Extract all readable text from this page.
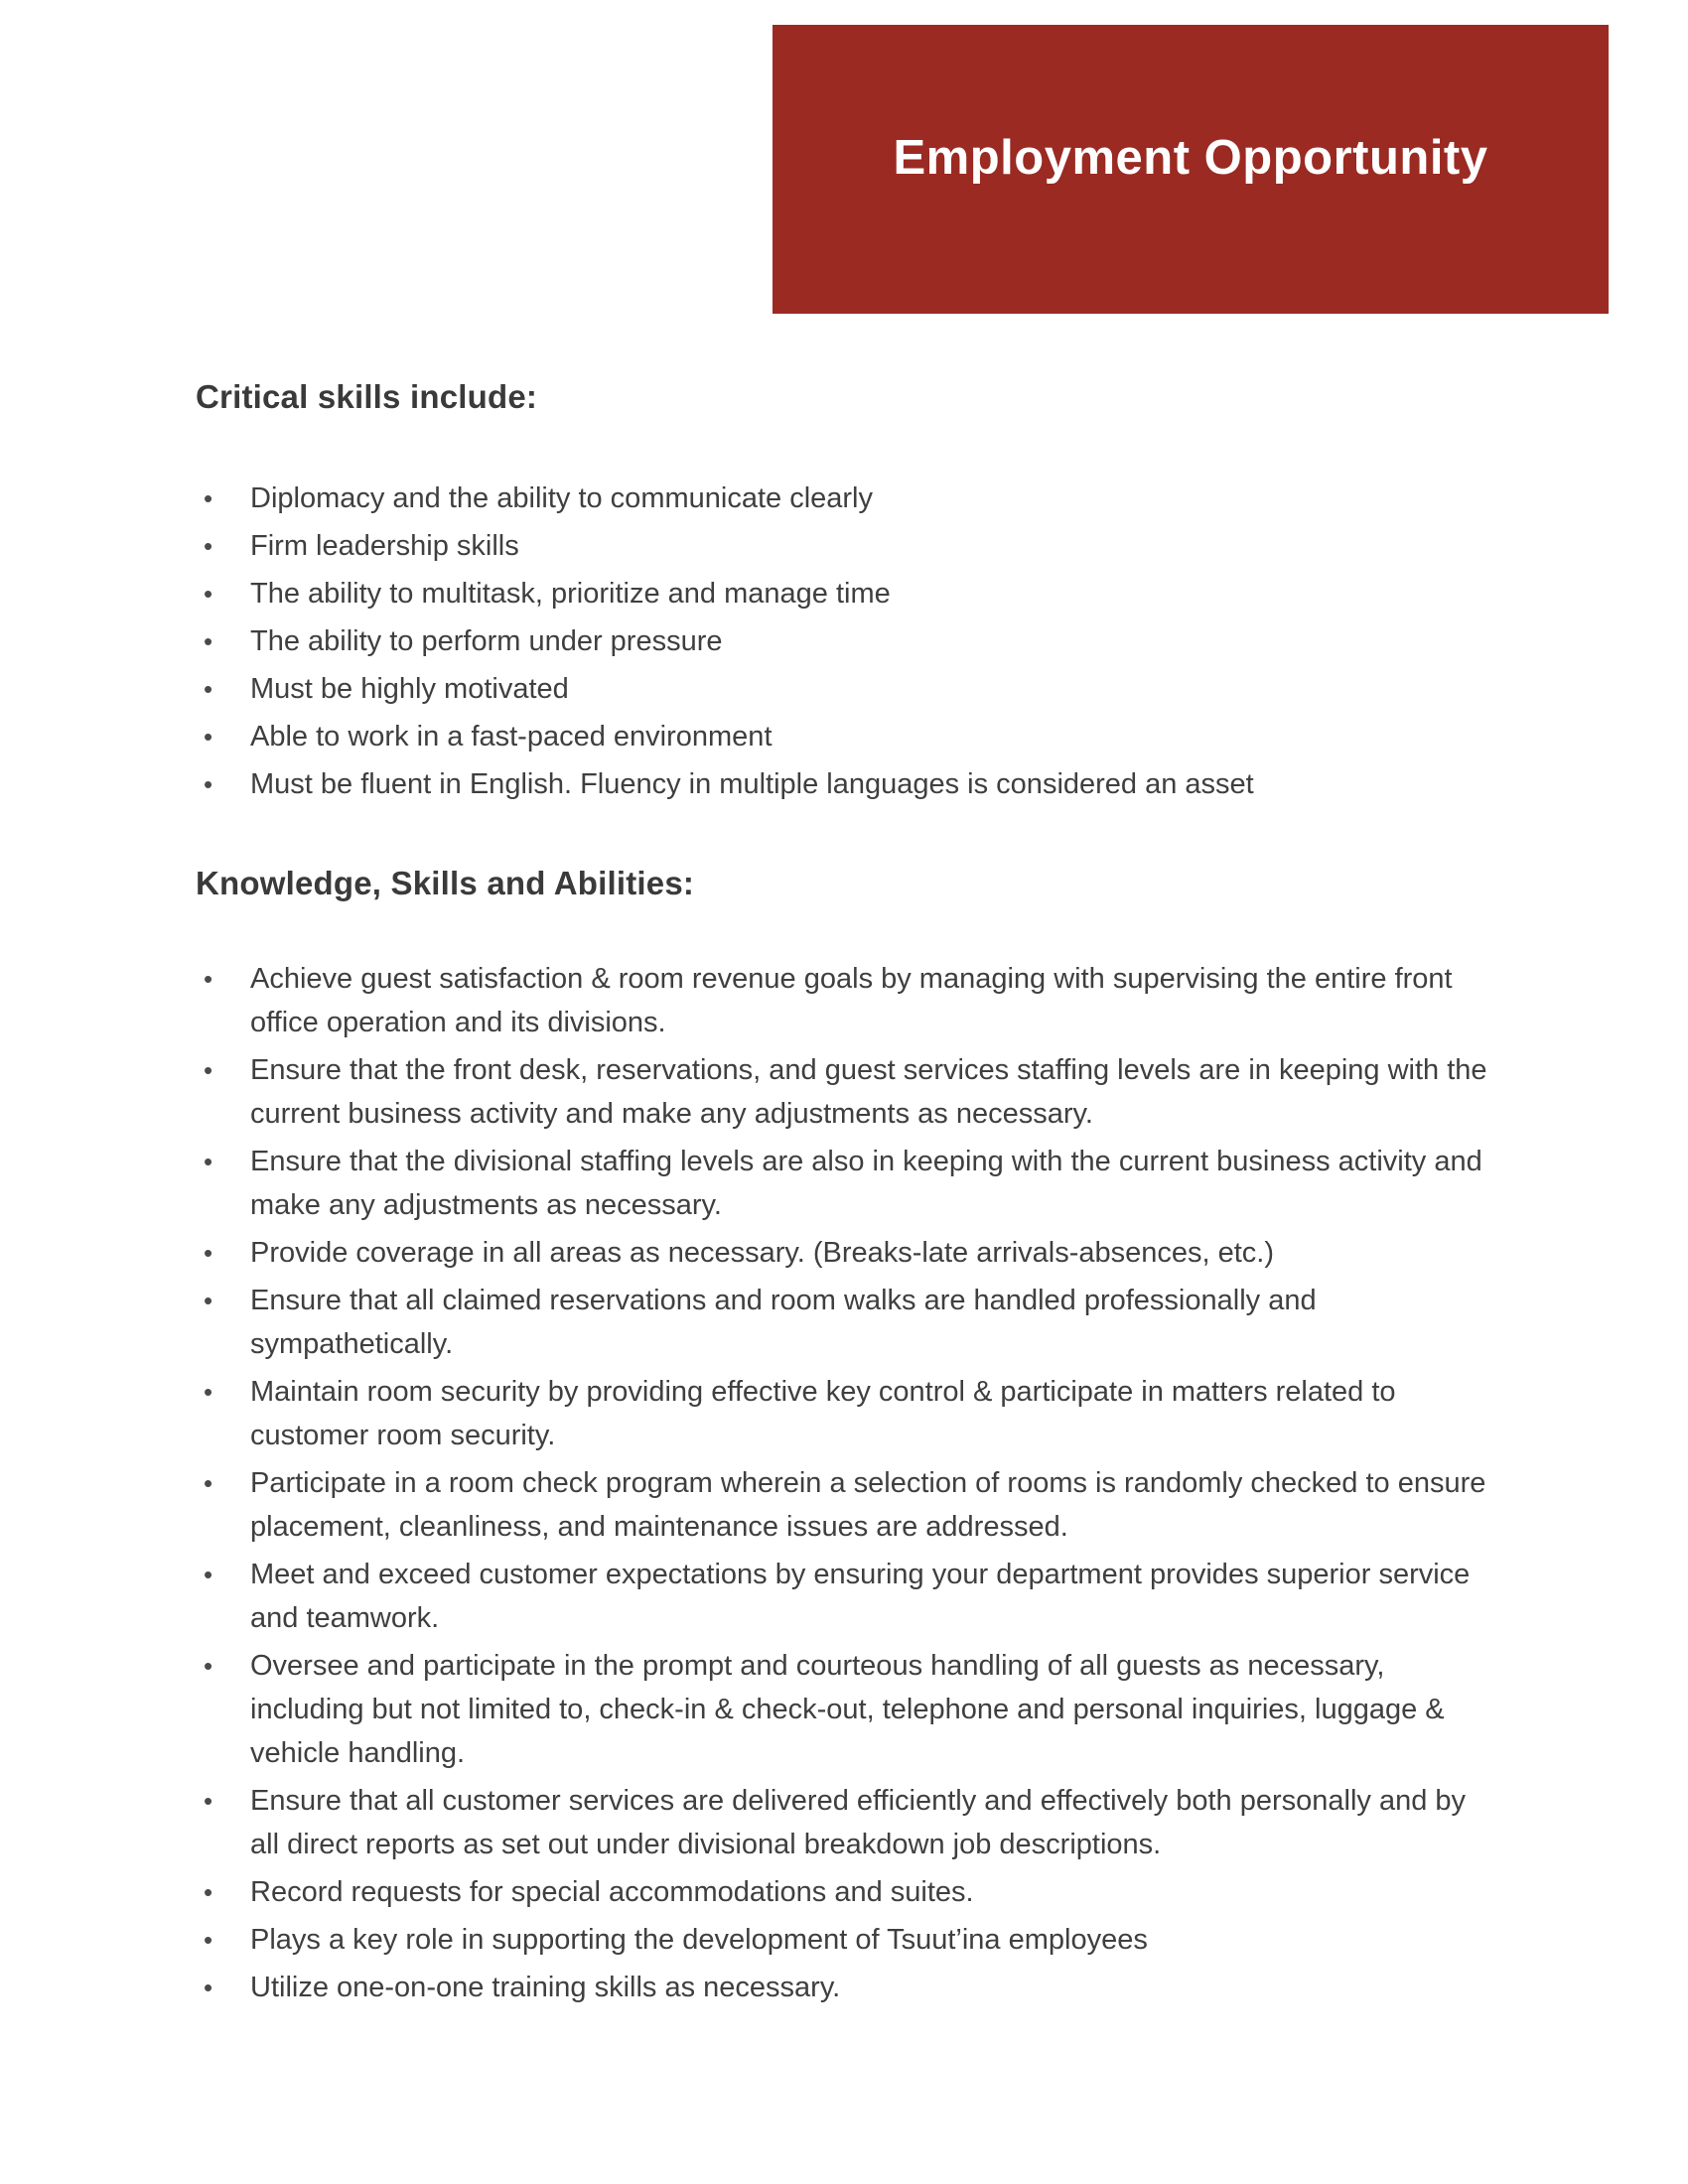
Employment Opportunity
Critical skills include:
• Diplomacy and the ability to communicate clearly
• Firm leadership skills
• The ability to multitask, prioritize and manage time
• The ability to perform under pressure
• Must be highly motivated
• Able to work in a fast-paced environment
• Must be fluent in English. Fluency in multiple languages is considered an asset
Knowledge, Skills and Abilities:
• Achieve guest satisfaction & room revenue goals by managing with supervising the entire front office operation and its divisions.
• Ensure that the front desk, reservations, and guest services staffing levels are in keeping with the current business activity and make any adjustments as necessary.
• Ensure that the divisional staffing levels are also in keeping with the current business activity and make any adjustments as necessary.
• Provide coverage in all areas as necessary. (Breaks-late arrivals-absences, etc.)
• Ensure that all claimed reservations and room walks are handled professionally and sympathetically.
• Maintain room security by providing effective key control & participate in matters related to customer room security.
• Participate in a room check program wherein a selection of rooms is randomly checked to ensure placement, cleanliness, and maintenance issues are addressed.
• Meet and exceed customer expectations by ensuring your department provides superior service and teamwork.
• Oversee and participate in the prompt and courteous handling of all guests as necessary, including but not limited to, check-in & check-out, telephone and personal inquiries, luggage & vehicle handling.
• Ensure that all customer services are delivered efficiently and effectively both personally and by all direct reports as set out under divisional breakdown job descriptions.
• Record requests for special accommodations and suites.
• Plays a key role in supporting the development of Tsuut’ina employees
• Utilize one-on-one training skills as necessary.
